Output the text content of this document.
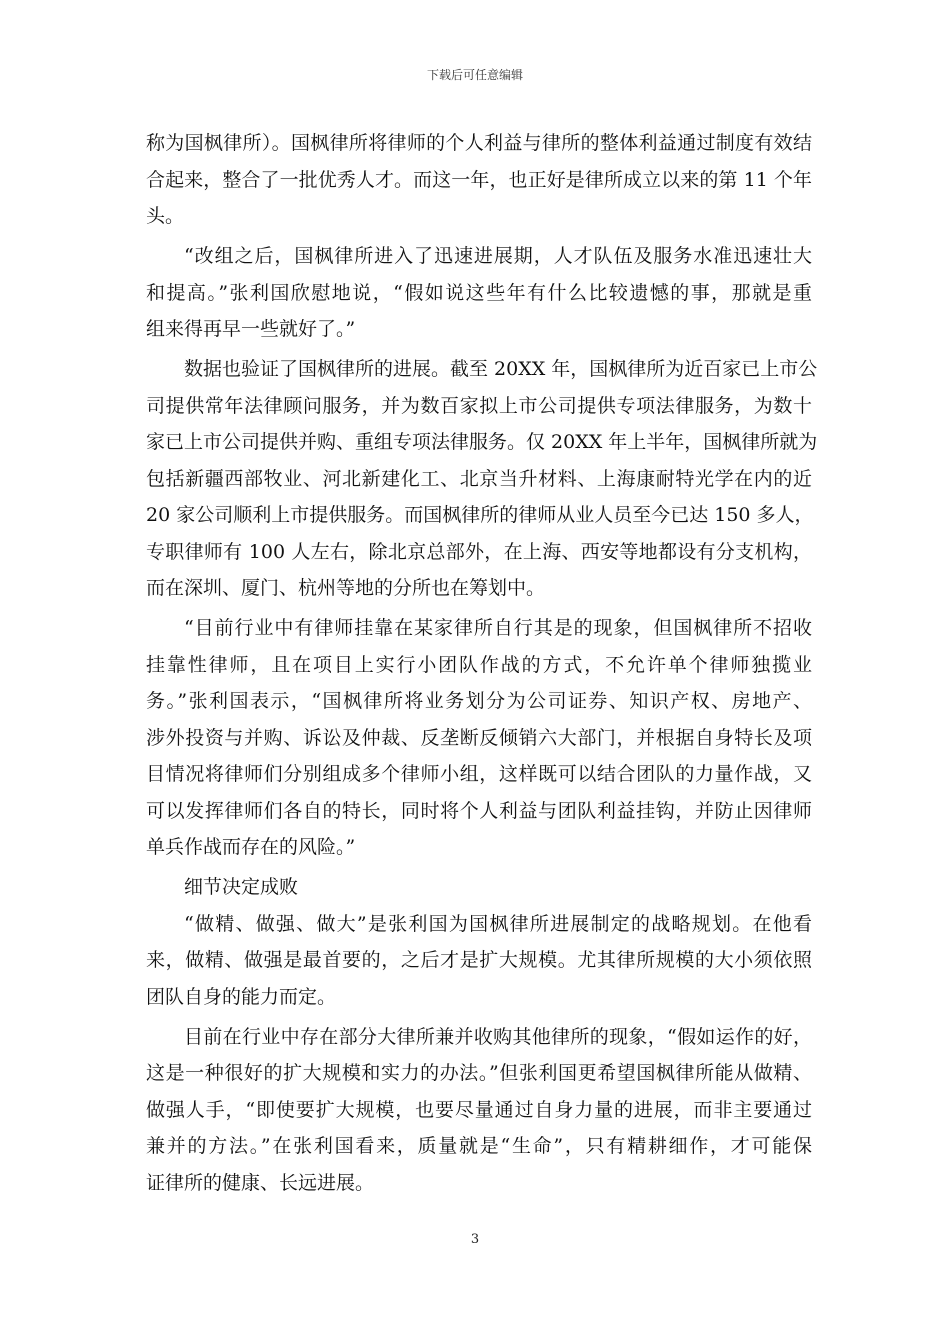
下载后可任意编辑
称为国枫律所）。国枫律所将律师的个人利益与律所的整体利益通过制度有效结
合起来，整合了一批优秀人才。而这一年，也正好是律所成立以来的第 11 个年
头。
“改组之后，国枫律所进入了迅速进展期，人才队伍及服务水准迅速壮大
和提高。”张利国欣慰地说，“假如说这些年有什么比较遗憾的事，那就是重
组来得再早一些就好了。”
数据也验证了国枫律所的进展。截至 20XX 年，国枫律所为近百家已上市公
司提供常年法律顾问服务，并为数百家拟上市公司提供专项法律服务，为数十
家已上市公司提供并购、重组专项法律服务。仅 20XX 年上半年，国枫律所就为
包括新疆西部牧业、河北新建化工、北京当升材料、上海康耐特光学在内的近
20 家公司顺利上市提供服务。而国枫律所的律师从业人员至今已达 150 多人，
专职律师有 100 人左右，除北京总部外，在上海、西安等地都设有分支机构，
而在深圳、厦门、杭州等地的分所也在筹划中。
“目前行业中有律师挂靠在某家律所自行其是的现象，但国枫律所不招收
挂靠性律师，且在项目上实行小团队作战的方式，不允许单个律师独揽业
务。”张利国表示，“国枫律所将业务划分为公司证券、知识产权、房地产、
涉外投资与并购、诉讼及仲裁、反垄断反倾销六大部门，并根据自身特长及项
目情况将律师们分别组成多个律师小组，这样既可以结合团队的力量作战，又
可以发挥律师们各自的特长，同时将个人利益与团队利益挂钩，并防止因律师
单兵作战而存在的风险。”
细节决定成败
“做精、做强、做大”是张利国为国枫律所进展制定的战略规划。在他看
来，做精、做强是最首要的，之后才是扩大规模。尤其律所规模的大小须依照
团队自身的能力而定。
目前在行业中存在部分大律所兼并收购其他律所的现象，“假如运作的好，
这是一种很好的扩大规模和实力的办法。”但张利国更希望国枫律所能从做精、
做强人手，“即使要扩大规模，也要尽量通过自身力量的进展，而非主要通过
兼并的方法。”在张利国看来，质量就是“生命”，只有精耕细作，才可能保
证律所的健康、长远进展。
3
